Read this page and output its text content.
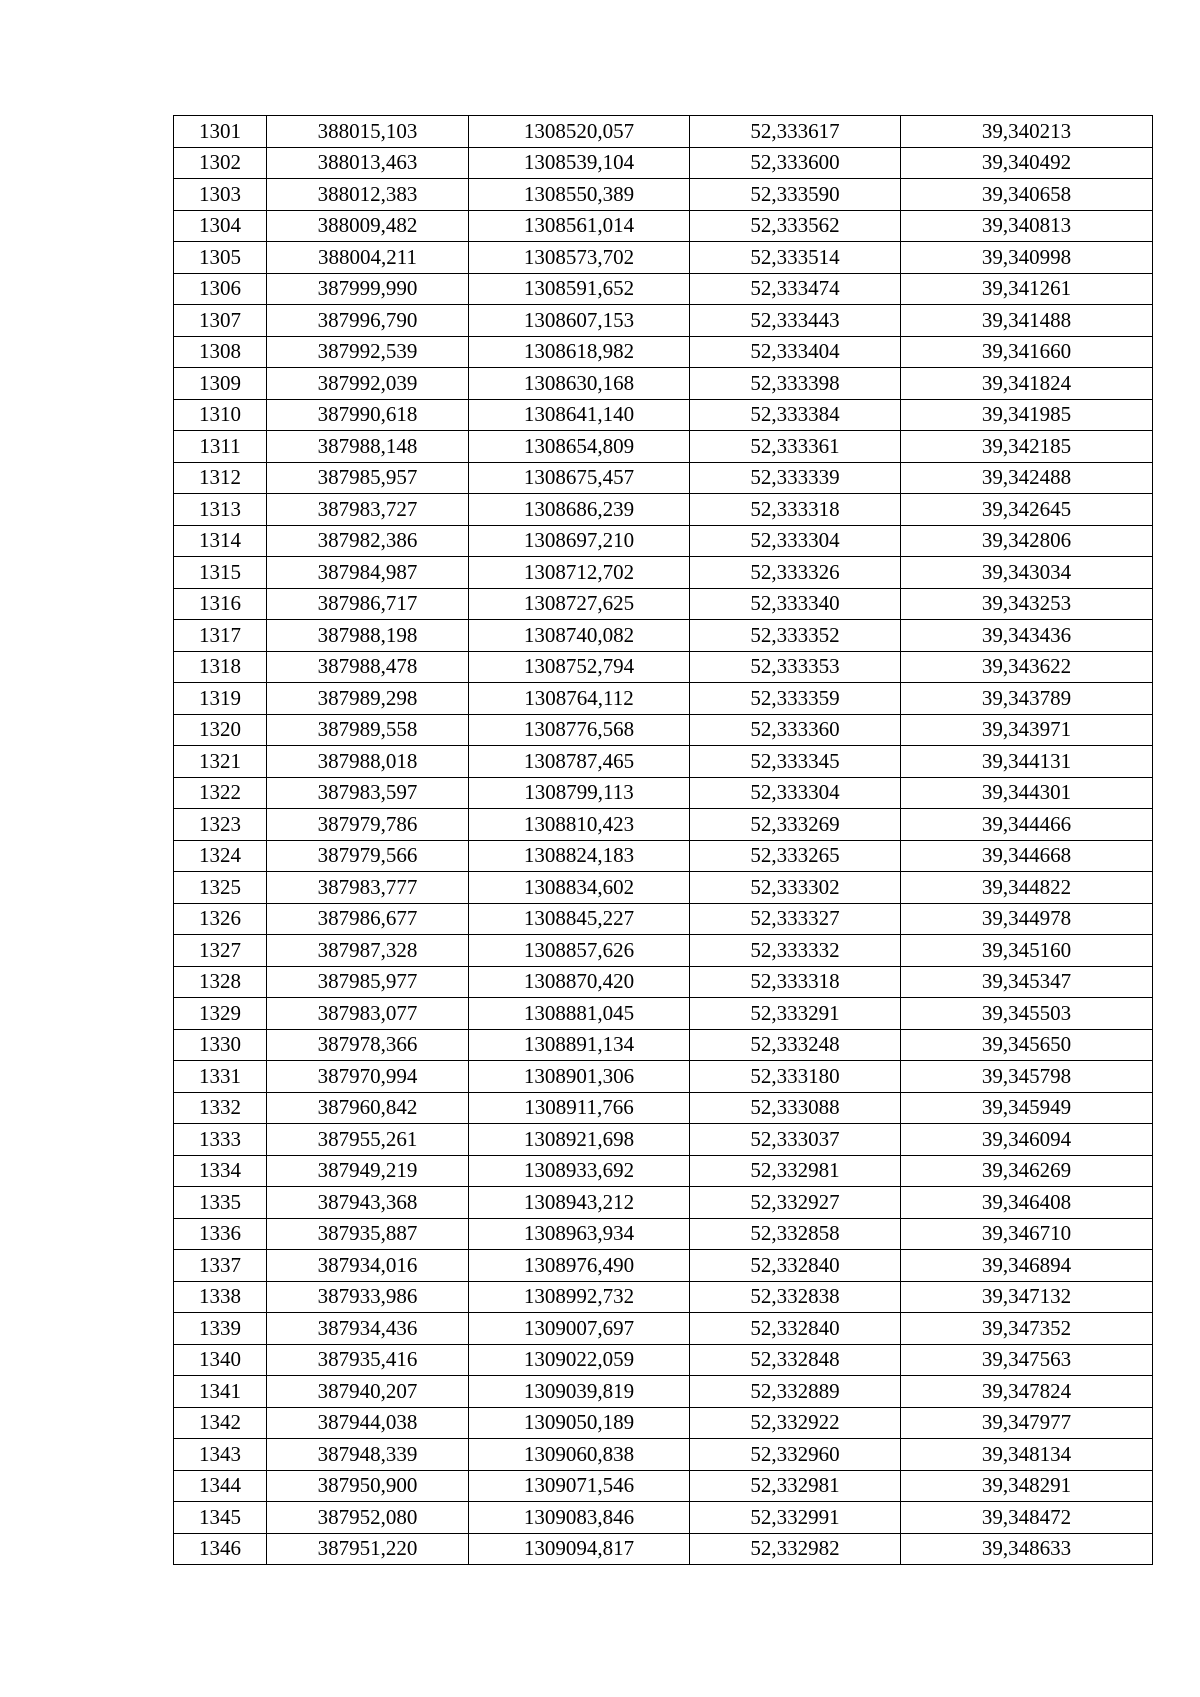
1301	388015,103	1308520,057	52,333617	39,340213
1302	388013,463	1308539,104	52,333600	39,340492
1303	388012,383	1308550,389	52,333590	39,340658
1304	388009,482	1308561,014	52,333562	39,340813
1305	388004,211	1308573,702	52,333514	39,340998
1306	387999,990	1308591,652	52,333474	39,341261
1307	387996,790	1308607,153	52,333443	39,341488
1308	387992,539	1308618,982	52,333404	39,341660
1309	387992,039	1308630,168	52,333398	39,341824
1310	387990,618	1308641,140	52,333384	39,341985
1311	387988,148	1308654,809	52,333361	39,342185
1312	387985,957	1308675,457	52,333339	39,342488
1313	387983,727	1308686,239	52,333318	39,342645
1314	387982,386	1308697,210	52,333304	39,342806
1315	387984,987	1308712,702	52,333326	39,343034
1316	387986,717	1308727,625	52,333340	39,343253
1317	387988,198	1308740,082	52,333352	39,343436
1318	387988,478	1308752,794	52,333353	39,343622
1319	387989,298	1308764,112	52,333359	39,343789
1320	387989,558	1308776,568	52,333360	39,343971
1321	387988,018	1308787,465	52,333345	39,344131
1322	387983,597	1308799,113	52,333304	39,344301
1323	387979,786	1308810,423	52,333269	39,344466
1324	387979,566	1308824,183	52,333265	39,344668
1325	387983,777	1308834,602	52,333302	39,344822
1326	387986,677	1308845,227	52,333327	39,344978
1327	387987,328	1308857,626	52,333332	39,345160
1328	387985,977	1308870,420	52,333318	39,345347
1329	387983,077	1308881,045	52,333291	39,345503
1330	387978,366	1308891,134	52,333248	39,345650
1331	387970,994	1308901,306	52,333180	39,345798
1332	387960,842	1308911,766	52,333088	39,345949
1333	387955,261	1308921,698	52,333037	39,346094
1334	387949,219	1308933,692	52,332981	39,346269
1335	387943,368	1308943,212	52,332927	39,346408
1336	387935,887	1308963,934	52,332858	39,346710
1337	387934,016	1308976,490	52,332840	39,346894
1338	387933,986	1308992,732	52,332838	39,347132
1339	387934,436	1309007,697	52,332840	39,347352
1340	387935,416	1309022,059	52,332848	39,347563
1341	387940,207	1309039,819	52,332889	39,347824
1342	387944,038	1309050,189	52,332922	39,347977
1343	387948,339	1309060,838	52,332960	39,348134
1344	387950,900	1309071,546	52,332981	39,348291
1345	387952,080	1309083,846	52,332991	39,348472
1346	387951,220	1309094,817	52,332982	39,348633
